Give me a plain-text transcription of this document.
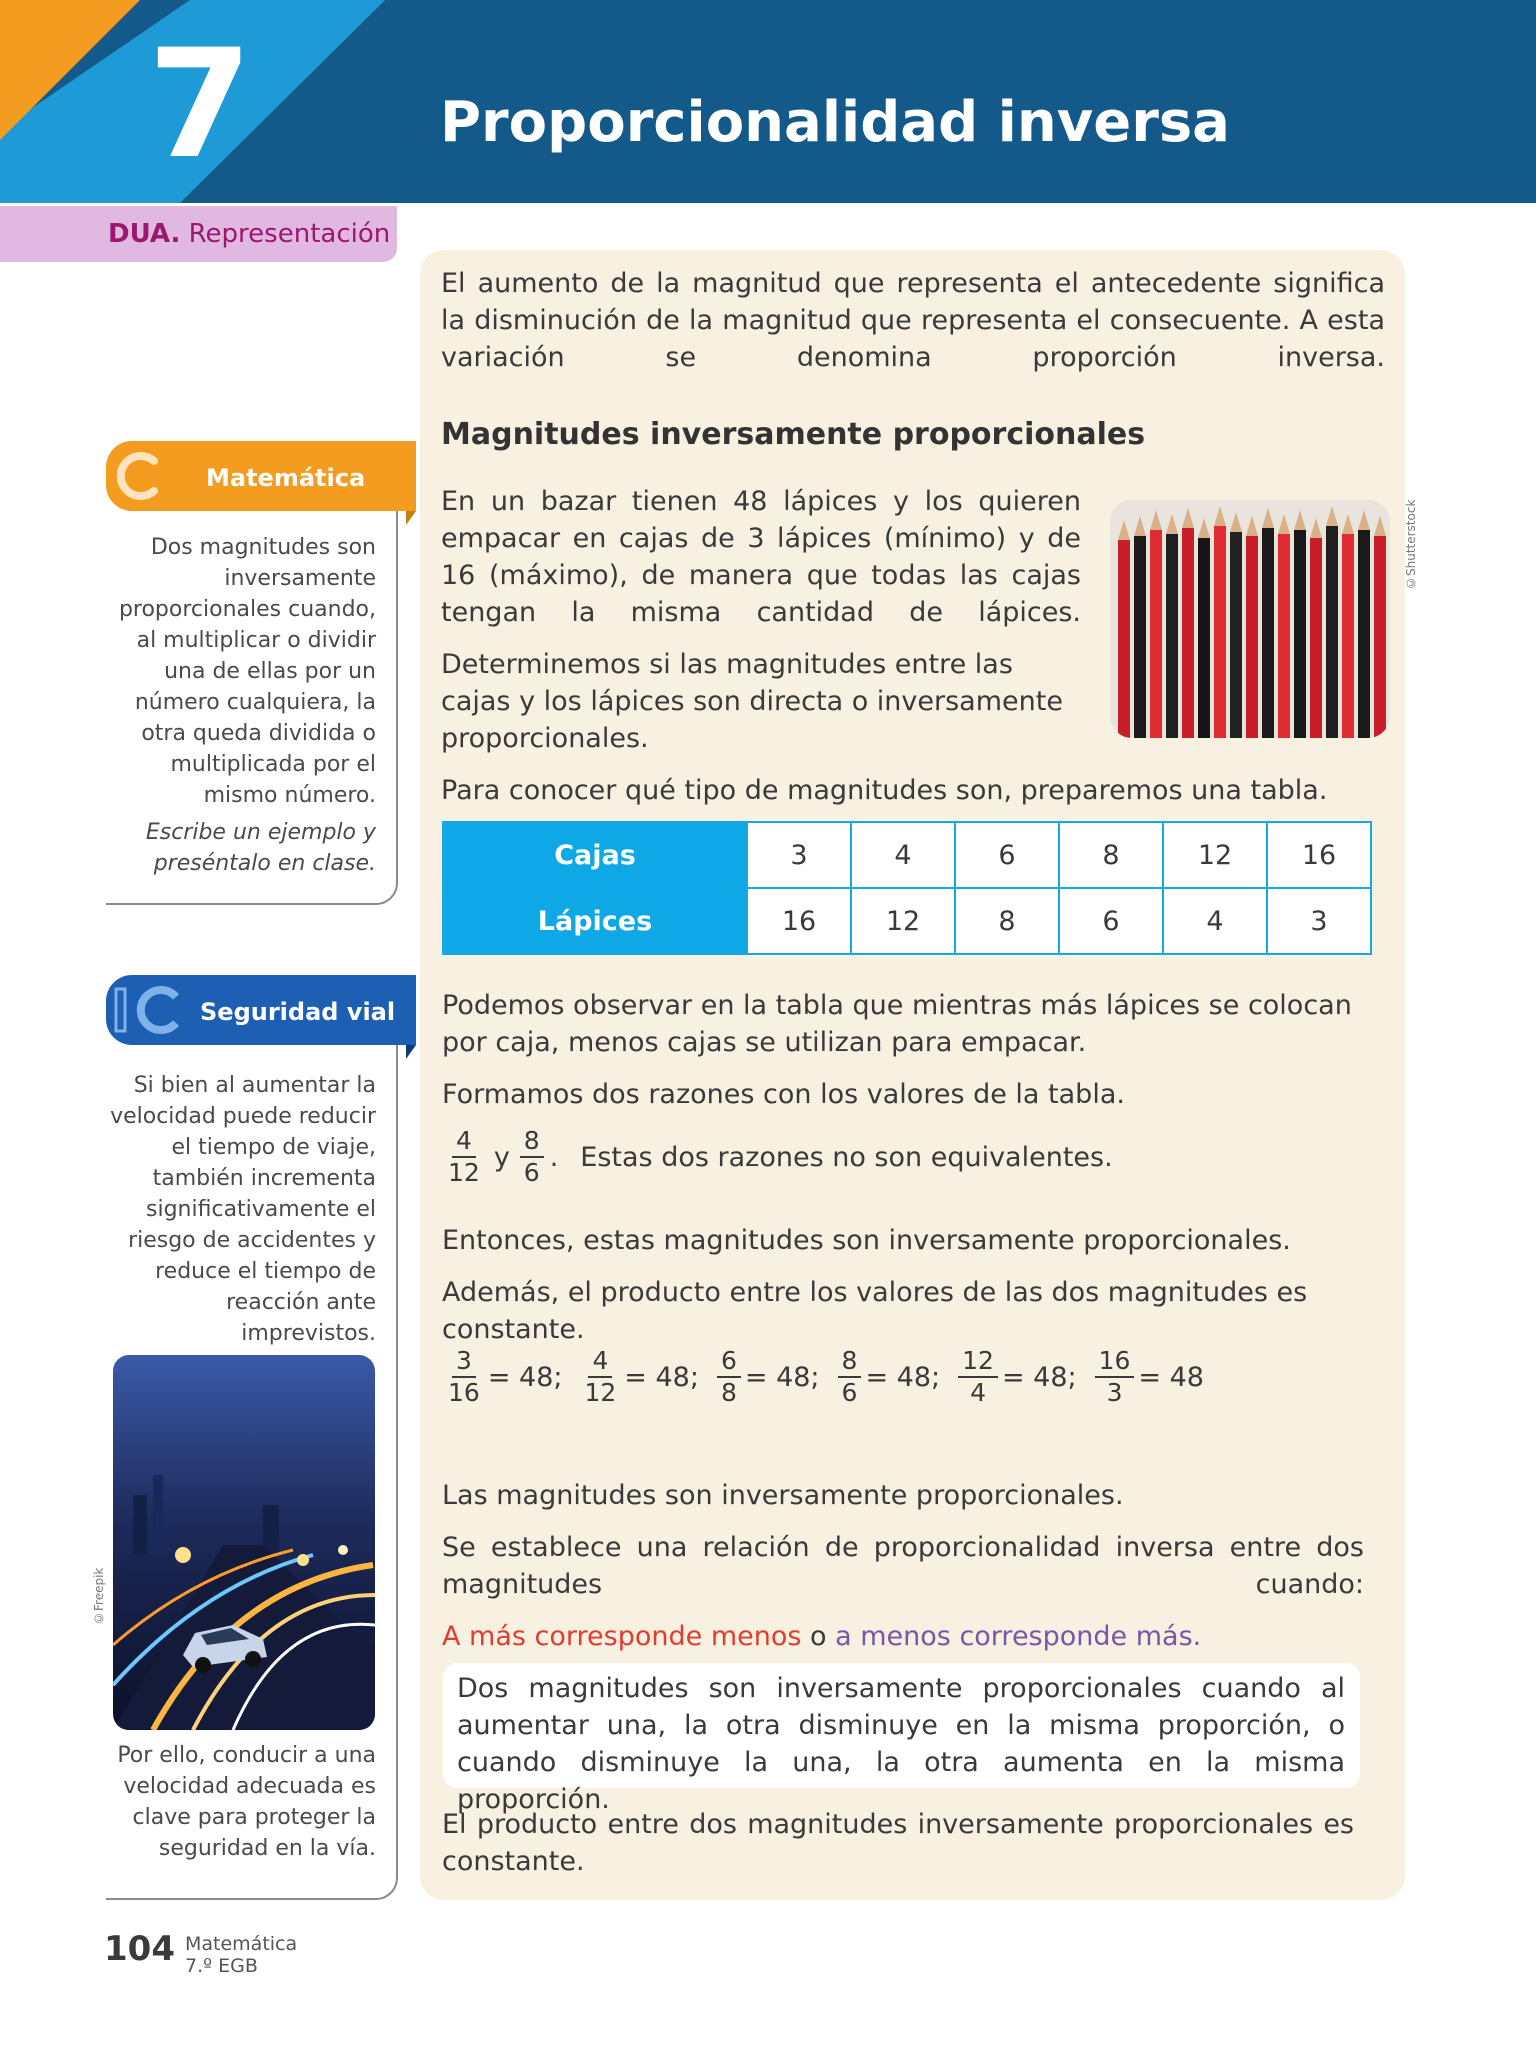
7	Proporcionalidad inversa
DUA. Representación
El aumento de la magnitud que representa el antecedente significa la disminución de la magnitud que representa el consecuente. A esta variación se denomina proporción inversa.
Magnitudes inversamente proporcionales
En un bazar tienen 48 lápices y los quieren empacar en cajas de 3 lápices (mínimo) y de 16 (máximo), de manera que todas las cajas tengan la misma cantidad de lápices.
Determinemos si las magnitudes entre las cajas y los lápices son directa o inversamente proporcionales.
Para conocer qué tipo de magnitudes son, preparemos una tabla.
©Shutterstock
Cajas	3	4	6	8	12	16
Lápices	16	12	8	6	4	3
Podemos observar en la tabla que mientras más lápices se colocan por caja, menos cajas se utilizan para empacar.
Formamos dos razones con los valores de la tabla.
$\frac{4}{12}$ y $\frac{8}{6}$ . Estas dos razones no son equivalentes.
Entonces, estas magnitudes son inversamente proporcionales.
Además, el producto entre los valores de las dos magnitudes es constante.
$\frac{3}{16} = 48$; $\frac{4}{12} = 48$; $\frac{6}{8} = 48$; $\frac{8}{6} = 48$; $\frac{12}{4} = 48$; $\frac{16}{3} = 48$
Las magnitudes son inversamente proporcionales.
Se establece una relación de proporcionalidad inversa entre dos magnitudes cuando:
A más corresponde menos o a menos corresponde más.
Dos magnitudes son inversamente proporcionales cuando al aumentar una, la otra disminuye en la misma proporción, o cuando disminuye la una, la otra aumenta en la misma proporción.
El producto entre dos magnitudes inversamente proporcionales es constante.
Matemática
Dos magnitudes son inversamente proporcionales cuando, al multiplicar o dividir una de ellas por un número cualquiera, la otra queda dividida o multiplicada por el mismo número.
Escribe un ejemplo y preséntalo en clase.
Seguridad vial
Si bien al aumentar la velocidad puede reducir el tiempo de viaje, también incrementa significativamente el riesgo de accidentes y reduce el tiempo de reacción ante imprevistos.
©Freepik
Por ello, conducir a una velocidad adecuada es clave para proteger la seguridad en la vía.
104 Matemática
7.º EGB
